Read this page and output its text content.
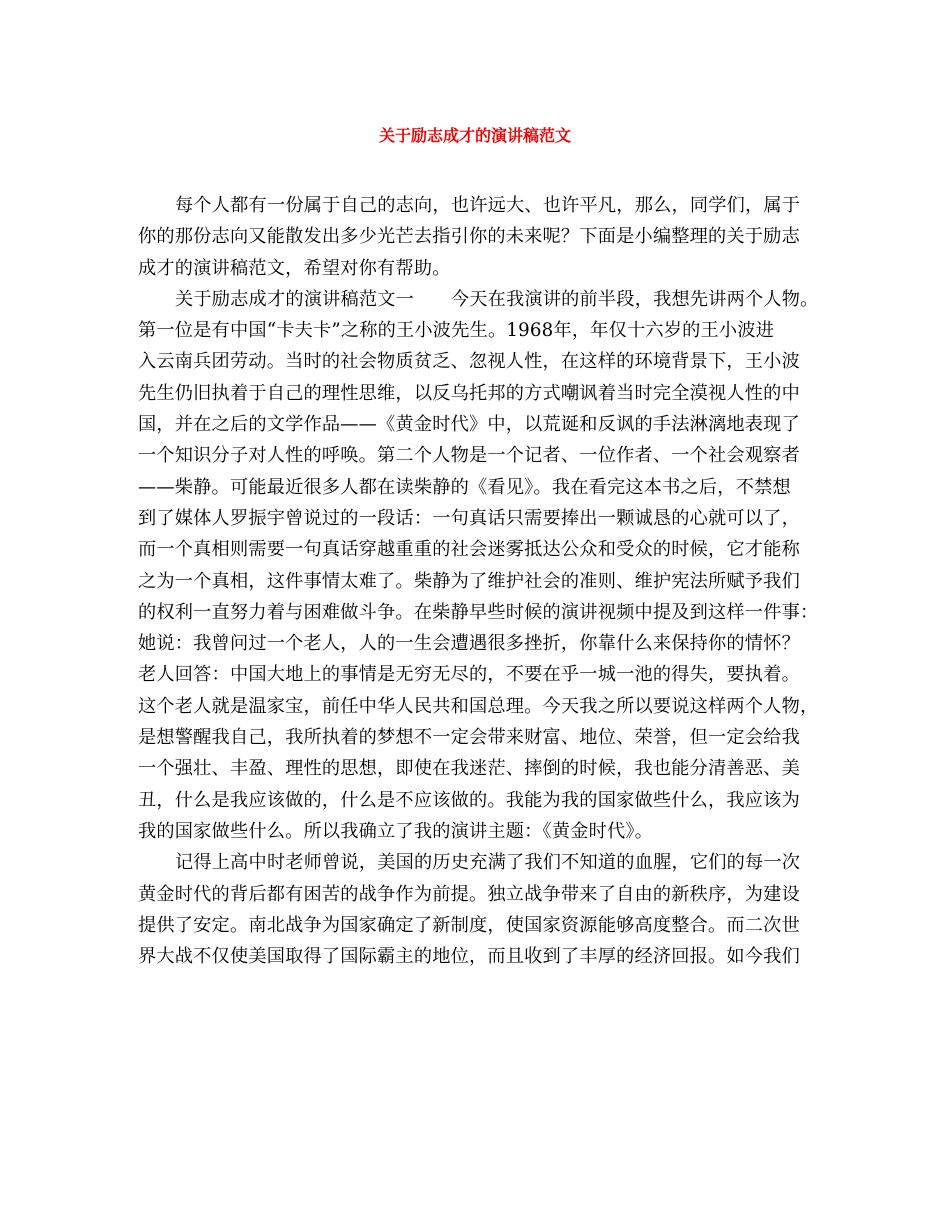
关于励志成才的演讲稿范文
每个人都有一份属于自己的志向，也许远大、也许平凡，那么，同学们，属于
你的那份志向又能散发出多少光芒去指引你的未来呢？下面是小编整理的关于励志
成才的演讲稿范文，希望对你有帮助。
关于励志成才的演讲稿范文一　　今天在我演讲的前半段，我想先讲两个人物。
第一位是有中国“卡夫卡”之称的王小波先生。1968年，年仅十六岁的王小波进
入云南兵团劳动。当时的社会物质贫乏、忽视人性，在这样的环境背景下，王小波
先生仍旧执着于自己的理性思维，以反乌托邦的方式嘲讽着当时完全漠视人性的中
国，并在之后的文学作品——《黄金时代》中，以荒诞和反讽的手法淋漓地表现了
一个知识分子对人性的呼唤。第二个人物是一个记者、一位作者、一个社会观察者
——柴静。可能最近很多人都在读柴静的《看见》。我在看完这本书之后，不禁想
到了媒体人罗振宇曾说过的一段话：一句真话只需要捧出一颗诚恳的心就可以了，
而一个真相则需要一句真话穿越重重的社会迷雾抵达公众和受众的时候，它才能称
之为一个真相，这件事情太难了。柴静为了维护社会的准则、维护宪法所赋予我们
的权利一直努力着与困难做斗争。在柴静早些时候的演讲视频中提及到这样一件事：
她说：我曾问过一个老人，人的一生会遭遇很多挫折，你靠什么来保持你的情怀？
老人回答：中国大地上的事情是无穷无尽的，不要在乎一城一池的得失，要执着。
这个老人就是温家宝，前任中华人民共和国总理。今天我之所以要说这样两个人物，
是想警醒我自己，我所执着的梦想不一定会带来财富、地位、荣誉，但一定会给我
一个强壮、丰盈、理性的思想，即使在我迷茫、摔倒的时候，我也能分清善恶、美
丑，什么是我应该做的，什么是不应该做的。我能为我的国家做些什么，我应该为
我的国家做些什么。所以我确立了我的演讲主题：《黄金时代》。
记得上高中时老师曾说，美国的历史充满了我们不知道的血腥，它们的每一次
黄金时代的背后都有困苦的战争作为前提。独立战争带来了自由的新秩序，为建设
提供了安定。南北战争为国家确定了新制度，使国家资源能够高度整合。而二次世
界大战不仅使美国取得了国际霸主的地位，而且收到了丰厚的经济回报。如今我们
